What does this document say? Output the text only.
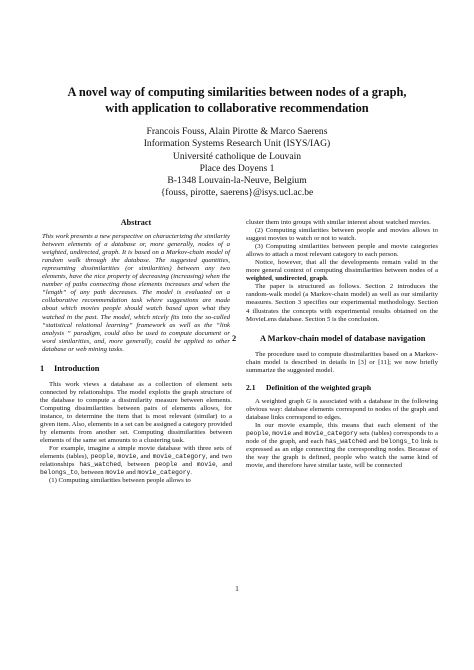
A novel way of computing similarities between nodes of a graph,
with application to collaborative recommendation
Francois Fouss, Alain Pirotte & Marco Saerens
Information Systems Research Unit (ISYS/IAG)
Université catholique de Louvain
Place des Doyens 1
B-1348 Louvain-la-Neuve, Belgium
{fouss, pirotte, saerens}@isys.ucl.ac.be
Abstract
This work presents a new perspective on characterizing the similarity between elements of a database or, more generally, nodes of a weighted, undirected, graph. It is based on a Markov-chain model of random walk through the database. The suggested quantities, representing dissimilarities (or similarities) between any two elements, have the nice property of decreasing (increasing) when the number of paths connecting those elements increases and when the “length” of any path decreases. The model is evaluated on a collaborative recommendation task where suggestions are made about which movies people should watch based upon what they watched in the past. The model, which nicely fits into the so-called “statistical relational learning” framework as well as the “link analysis ” paradigm, could also be used to compute document or word similarities, and, more generally, could be applied to other database or web mining tasks.
1 Introduction

This work views a database as a collection of element sets connected by relationships. The model exploits the graph structure of the database to compute a dissimilarity measure between elements. Computing dissimilarities between pairs of elements allows, for instance, to determine the item that is most relevant (similar) to a given item. Also, elements in a set can be assigned a category provided by elements from another set. Computing dissimilarities between elements of the same set amounts to a clustering task.

For example, imagine a simple movie database with three sets of elements (tables), people, movie, and movie_category, and two relationships has_watched, between people and movie, and belongs_to, between movie and movie_category.

(1) Computing similarities between people allows to

cluster them into groups with similar interest about watched movies.

(2) Computing similarities between people and movies allows to suggest movies to watch or not to watch.

(3) Computing similarities between people and movie categories allows to attach a most relevant category to each person.

Notice, however, that all the developments remain valid in the more general context of computing dissimilarities between nodes of a weighted, undirected, graph.

The paper is structured as follows. Section 2 introduces the random-walk model (a Markov-chain model) as well as our similarity measures. Section 3 specifies our experimental methodology. Section 4 illustrates the concepts with experimental results obtained on the MovieLens database. Section 5 is the conclusion.

2	A Markov-chain model of database navigation

The procedure used to compute dissimilarities based on a Markov-chain model is described in details in [3] or [11]; we now briefly summarize the suggested model.

2.1 Definition of the weighted graph

A weighted graph G is associated with a database in the following obvious way: database elements correspond to nodes of the graph and database links correspond to edges.

In our movie example, this means that each element of the people, movie and movie_category sets (tables) corresponds to a node of the graph, and each has_watched and belongs_to link is expressed as an edge connecting the corresponding nodes. Because of the way the graph is defined, people who watch the same kind of movie, and therefore have similar taste, will be connected

1
